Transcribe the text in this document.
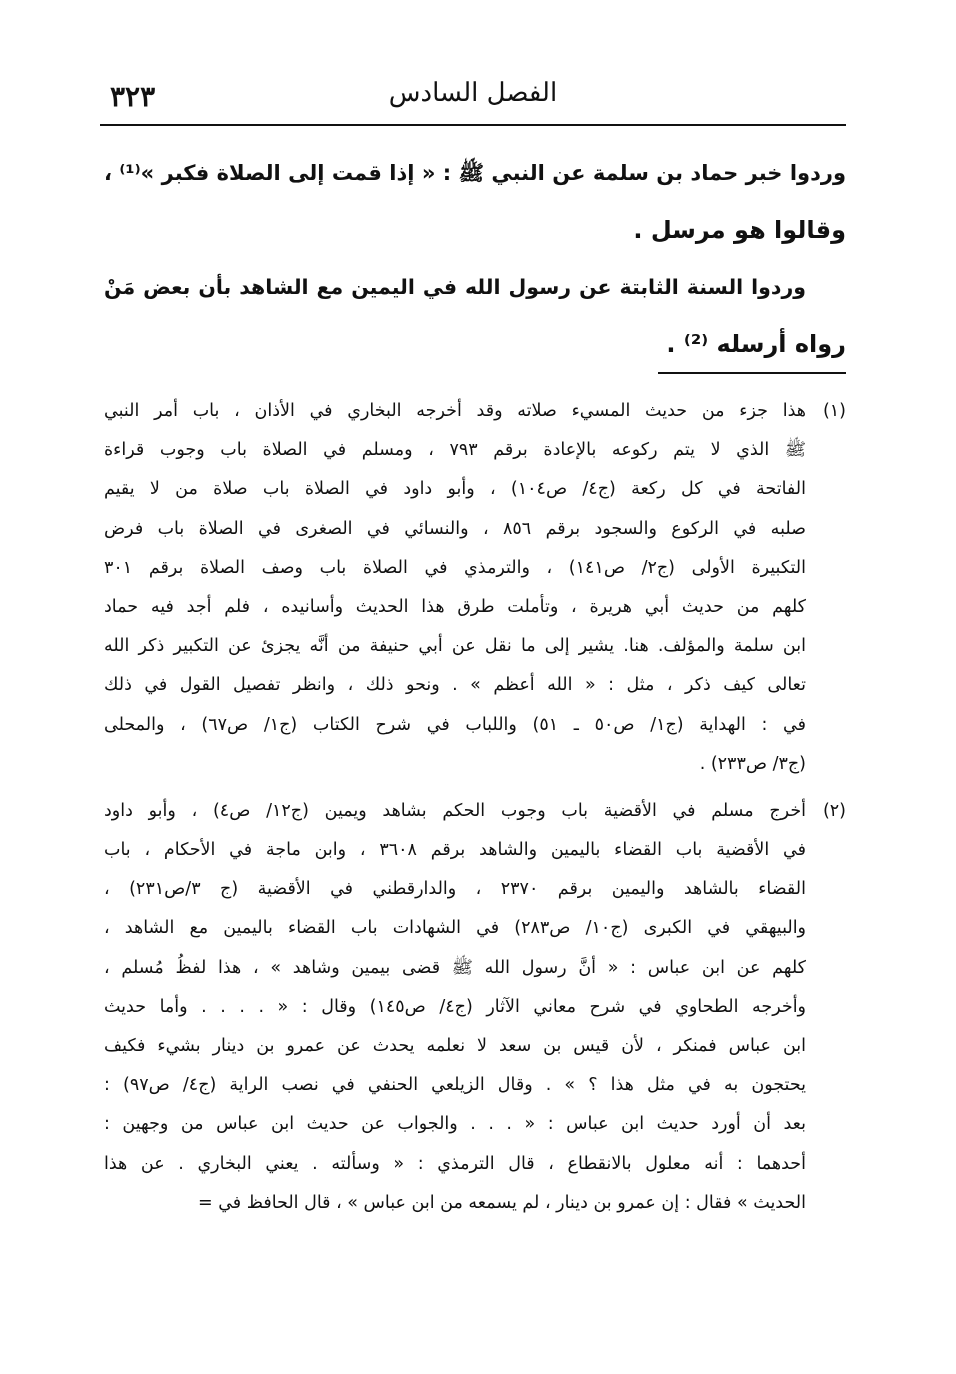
الفصل السادس
٣٢٣
وردوا خبر حماد بن سلمة عن النبي ﷺ : « إذا قمت إلى الصلاة فكبر »⁽¹⁾ ،
وقالوا هو مرسل .
وردوا السنة الثابتة عن رسول الله في اليمين مع الشاهد بأن بعض مَنْ
رواه أرسله ⁽²⁾ .
(١)
هذا جزء من حديث المسيء صلاته وقد أخرجه البخاري في الأذان ، باب أمر النبي
ﷺ الذي لا يتم ركوعه بالإعادة برقم ٧٩٣ ، ومسلم في الصلاة باب وجوب قراءة
الفاتحة في كل ركعة (ج٤/ ص١٠٤) ، وأبو داود في الصلاة باب صلاة من لا يقيم
صلبه في الركوع والسجود برقم ٨٥٦ ، والنسائي في الصغرى في الصلاة باب فرض
التكبيرة الأولى (ج٢/ ص١٤١) ، والترمذي في الصلاة باب وصف الصلاة برقم ٣٠١
كلهم من حديث أبي هريرة ، وتأملت طرق هذا الحديث وأسانيده ، فلم أجد فيه حماد
ابن سلمة والمؤلف. هنا. يشير إلى ما نقل عن أبي حنيفة من أنَّه يجزئ عن التكبير ذكر الله
تعالى كيف ذكر ، مثل : « الله أعظم » . ونحو ذلك ، وانظر تفصيل القول في ذلك
في : الهداية (ج١/ ص٥٠ ـ ٥١) واللباب في شرح الكتاب (ج١/ ص٦٧) ، والمحلى
(ج٣/ ص٢٣٣) .
(٢)
أخرج مسلم في الأقضية باب وجوب الحكم بشاهد ويمين (ج١٢/ ص٤) ، وأبو داود
في الأقضية باب القضاء باليمين والشاهد برقم ٣٦٠٨ ، وابن ماجة في الأحكام ، باب
القضاء بالشاهد واليمين برقم ٢٣٧٠ ، والدارقطني في الأقضية (ج ٣/ص٢٣١) ،
والبيهقي في الكبرى (ج١٠/ ص٢٨٣) في الشهادات باب القضاء باليمين مع الشاهد ،
كلهم عن ابن عباس : « أنَّ رسول الله ﷺ قضى بيمين وشاهد » ، هذا لفظُ مُسلم ،
وأخرجه الطحاوي في شرح معاني الآثار (ج٤/ ص١٤٥) وقال : « . . . . وأما حديث
ابن عباس فمنكر ، لأن قيس بن سعد لا نعلمه يحدث عن عمرو بن دينار بشيء فكيف
يحتجون به في مثل هذا ؟ » . وقال الزيلعي الحنفي في نصب الراية (ج٤/ ص٩٧) :
بعد أن أورد حديث ابن عباس : « . . . والجواب عن حديث ابن عباس من وجهين :
أحدهما : أنه معلول بالانقطاع ، قال الترمذي : « وسألته . يعني البخاري . عن هذا
الحديث » فقال : إن عمرو بن دينار ، لم يسمعه من ابن عباس » ، قال الحافظ في =
